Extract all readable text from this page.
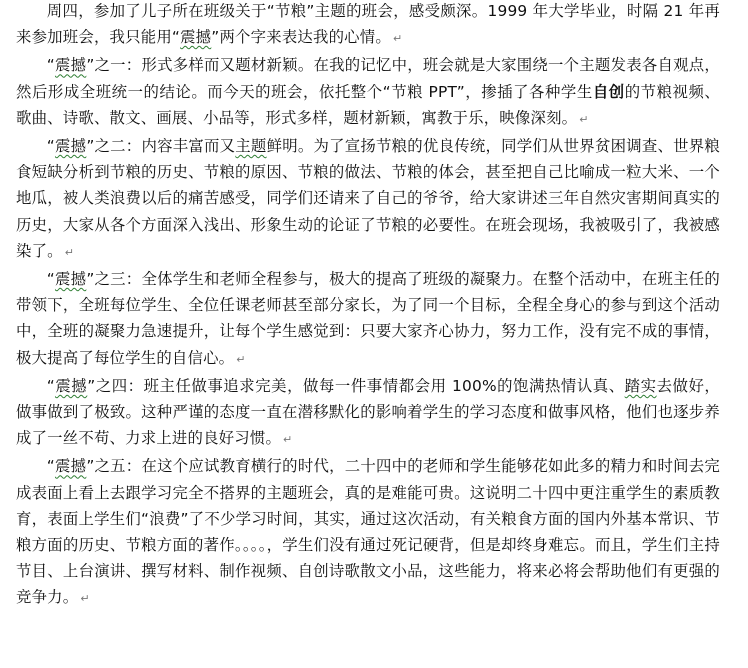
周四，参加了儿子所在班级关于“节粮”主题的班会，感受颇深。1999 年大学毕业，时隔 21 年再来参加班会，我只能用“震撼”两个字来表达我的心情。 ↵

“震撼”之一：形式多样而又题材新颖。在我的记忆中，班会就是大家围绕一个主题发表各自观点，然后形成全班统一的结论。而今天的班会，依托整个“节粮 PPT”，掺插了各种学生自创的节粮视频、歌曲、诗歌、散文、画展、小品等，形式多样，题材新颖，寓教于乐，映像深刻。 ↵

“震撼”之二：内容丰富而又主题鲜明。为了宣扬节粮的优良传统，同学们从世界贫困调查、世界粮食短缺分析到节粮的历史、节粮的原因、节粮的做法、节粮的体会，甚至把自己比喻成一粒大米、一个地瓜，被人类浪费以后的痛苦感受，同学们还请来了自己的爷爷，给大家讲述三年自然灾害期间真实的历史，大家从各个方面深入浅出、形象生动的论证了节粮的必要性。在班会现场，我被吸引了，我被感染了。 ↵

“震撼”之三：全体学生和老师全程参与，极大的提高了班级的凝聚力。在整个活动中，在班主任的带领下，全班每位学生、全位任课老师甚至部分家长，为了同一个目标，全程全身心的参与到这个活动中，全班的凝聚力急速提升，让每个学生感觉到：只要大家齐心协力，努力工作，没有完不成的事情，极大提高了每位学生的自信心。 ↵

“震撼”之四：班主任做事追求完美，做每一件事情都会用 100%的饱满热情认真、踏实去做好，做事做到了极致。这种严谨的态度一直在潜移默化的影响着学生的学习态度和做事风格，他们也逐步养成了一丝不苟、力求上进的良好习惯。 ↵

“震撼”之五：在这个应试教育横行的时代，二十四中的老师和学生能够花如此多的精力和时间去完成表面上看上去跟学习完全不搭界的主题班会，真的是难能可贵。这说明二十四中更注重学生的素质教育，表面上学生们“浪费”了不少学习时间，其实，通过这次活动，有关粮食方面的国内外基本常识、节粮方面的历史、节粮方面的著作。。。。，学生们没有通过死记硬背，但是却终身难忘。而且，学生们主持节目、上台演讲、撰写材料、制作视频、自创诗歌散文小品，这些能力，将来必将会帮助他们有更强的竞争力。 ↵
